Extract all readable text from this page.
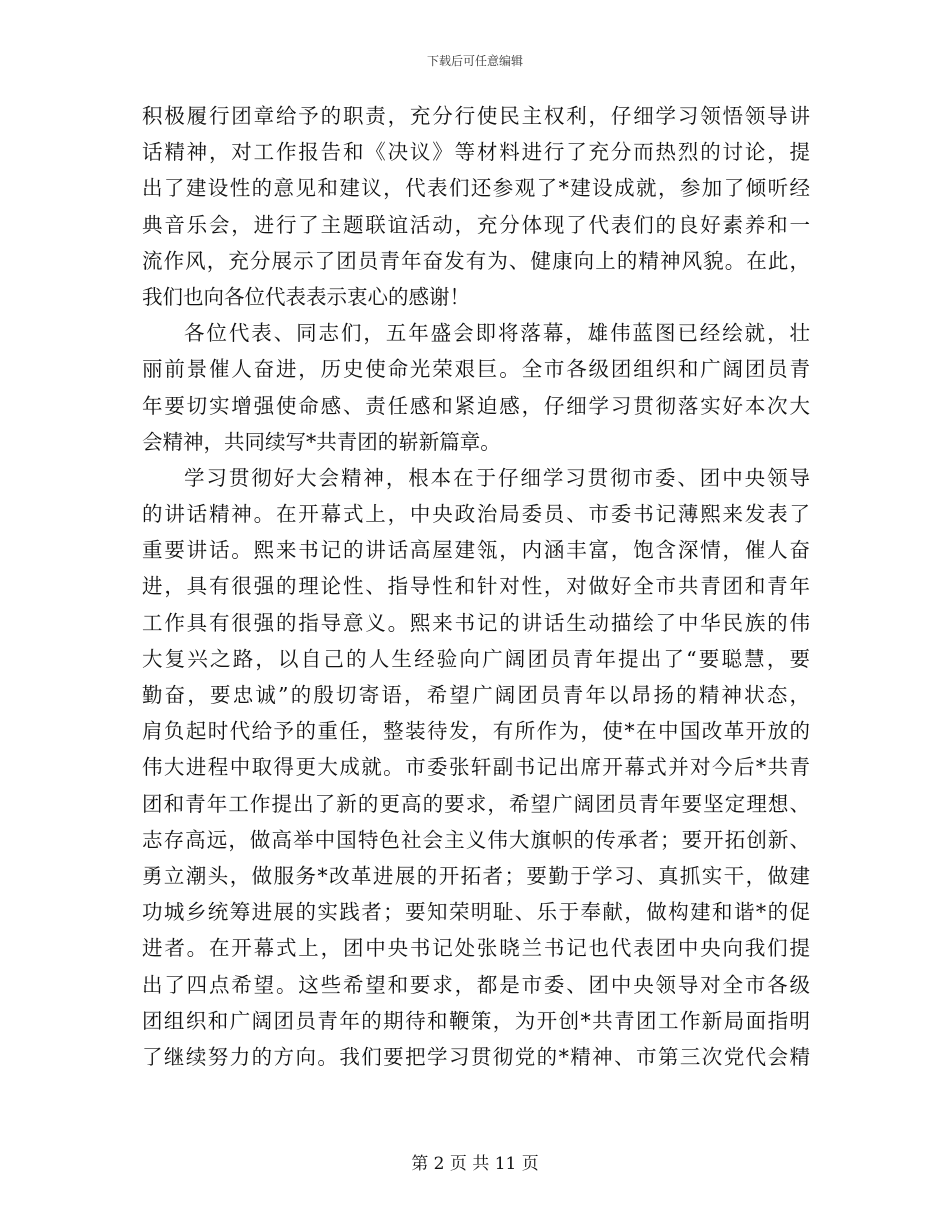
下载后可任意编辑
积极履行团章给予的职责，充分行使民主权利，仔细学习领悟领导讲
话精神，对工作报告和《决议》等材料进行了充分而热烈的讨论，提
出了建设性的意见和建议，代表们还参观了*建设成就，参加了倾听经
典音乐会，进行了主题联谊活动，充分体现了代表们的良好素养和一
流作风，充分展示了团员青年奋发有为、健康向上的精神风貌。在此，
我们也向各位代表表示衷心的感谢！
各位代表、同志们，五年盛会即将落幕，雄伟蓝图已经绘就，壮
丽前景催人奋进，历史使命光荣艰巨。全市各级团组织和广阔团员青
年要切实增强使命感、责任感和紧迫感，仔细学习贯彻落实好本次大
会精神，共同续写*共青团的崭新篇章。
学习贯彻好大会精神，根本在于仔细学习贯彻市委、团中央领导
的讲话精神。在开幕式上，中央政治局委员、市委书记薄熙来发表了
重要讲话。熙来书记的讲话高屋建瓴，内涵丰富，饱含深情，催人奋
进，具有很强的理论性、指导性和针对性，对做好全市共青团和青年
工作具有很强的指导意义。熙来书记的讲话生动描绘了中华民族的伟
大复兴之路，以自己的人生经验向广阔团员青年提出了“要聪慧，要
勤奋，要忠诚”的殷切寄语，希望广阔团员青年以昂扬的精神状态，
肩负起时代给予的重任，整装待发，有所作为，使*在中国改革开放的
伟大进程中取得更大成就。市委张轩副书记出席开幕式并对今后*共青
团和青年工作提出了新的更高的要求，希望广阔团员青年要坚定理想、
志存高远，做高举中国特色社会主义伟大旗帜的传承者；要开拓创新、
勇立潮头，做服务*改革进展的开拓者；要勤于学习、真抓实干，做建
功城乡统筹进展的实践者；要知荣明耻、乐于奉献，做构建和谐*的促
进者。在开幕式上，团中央书记处张晓兰书记也代表团中央向我们提
出了四点希望。这些希望和要求，都是市委、团中央领导对全市各级
团组织和广阔团员青年的期待和鞭策，为开创*共青团工作新局面指明
了继续努力的方向。我们要把学习贯彻党的*精神、市第三次党代会精
第 2 页 共 11 页
